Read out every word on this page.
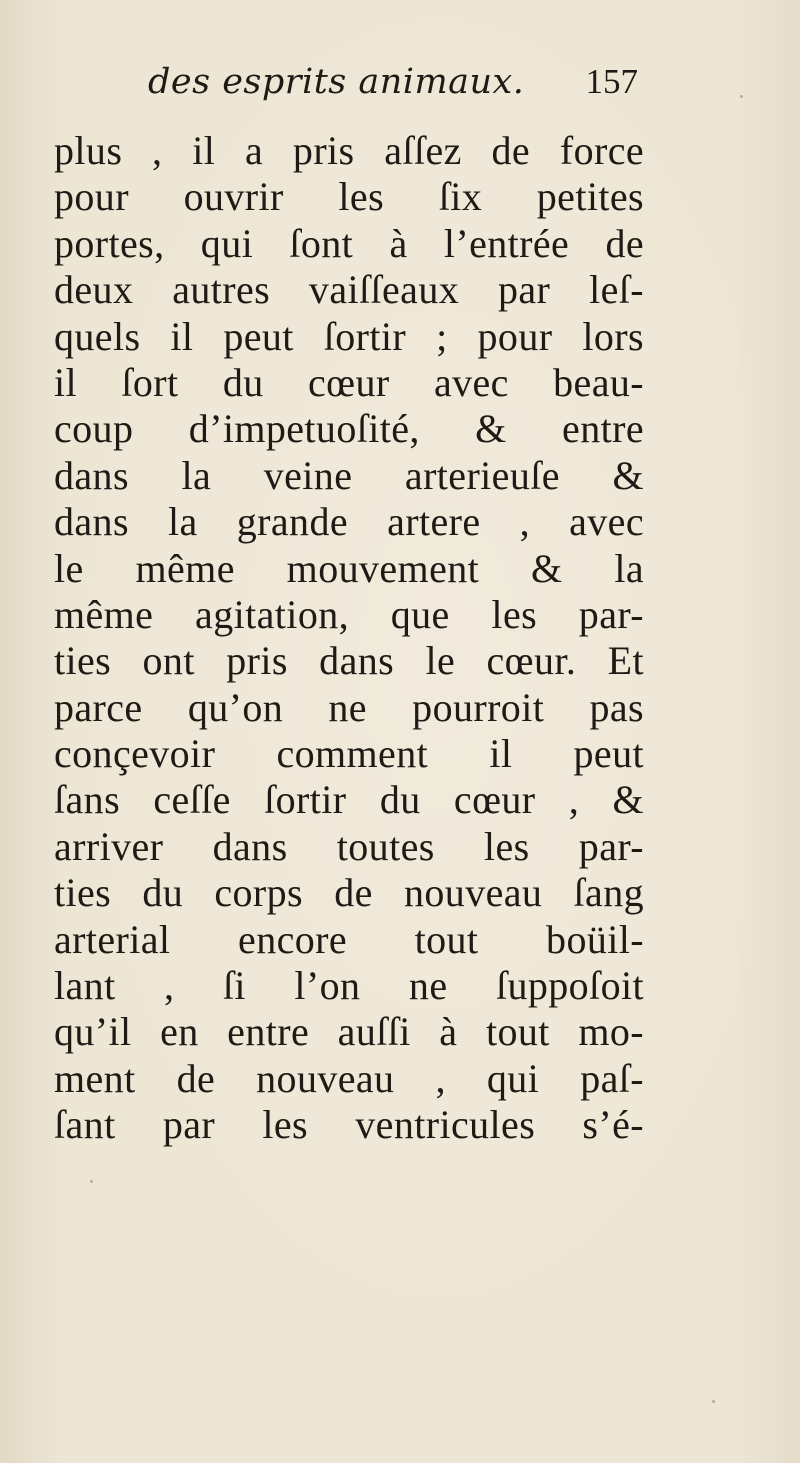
des esprits animaux. 157
plus , il a pris aſſez de force
pour ouvrir les ſix petites
portes, qui ſont à l’entrée de
deux autres vaiſſeaux par leſ-
quels il peut ſortir ; pour lors
il ſort du cœur avec beau-
coup d’impetuoſité, & entre
dans la veine arterieuſe &
dans la grande artere , avec
le même mouvement & la
même agitation, que les par-
ties ont pris dans le cœur. Et
parce qu’on ne pourroit pas
conçevoir comment il peut
ſans ceſſe ſortir du cœur , &
arriver dans toutes les par-
ties du corps de nouveau ſang
arterial encore tout boüil-
lant , ſi l’on ne ſuppoſoit
qu’il en entre auſſi à tout mo-
ment de nouveau , qui paſ-
ſant par les ventricules s’é-
